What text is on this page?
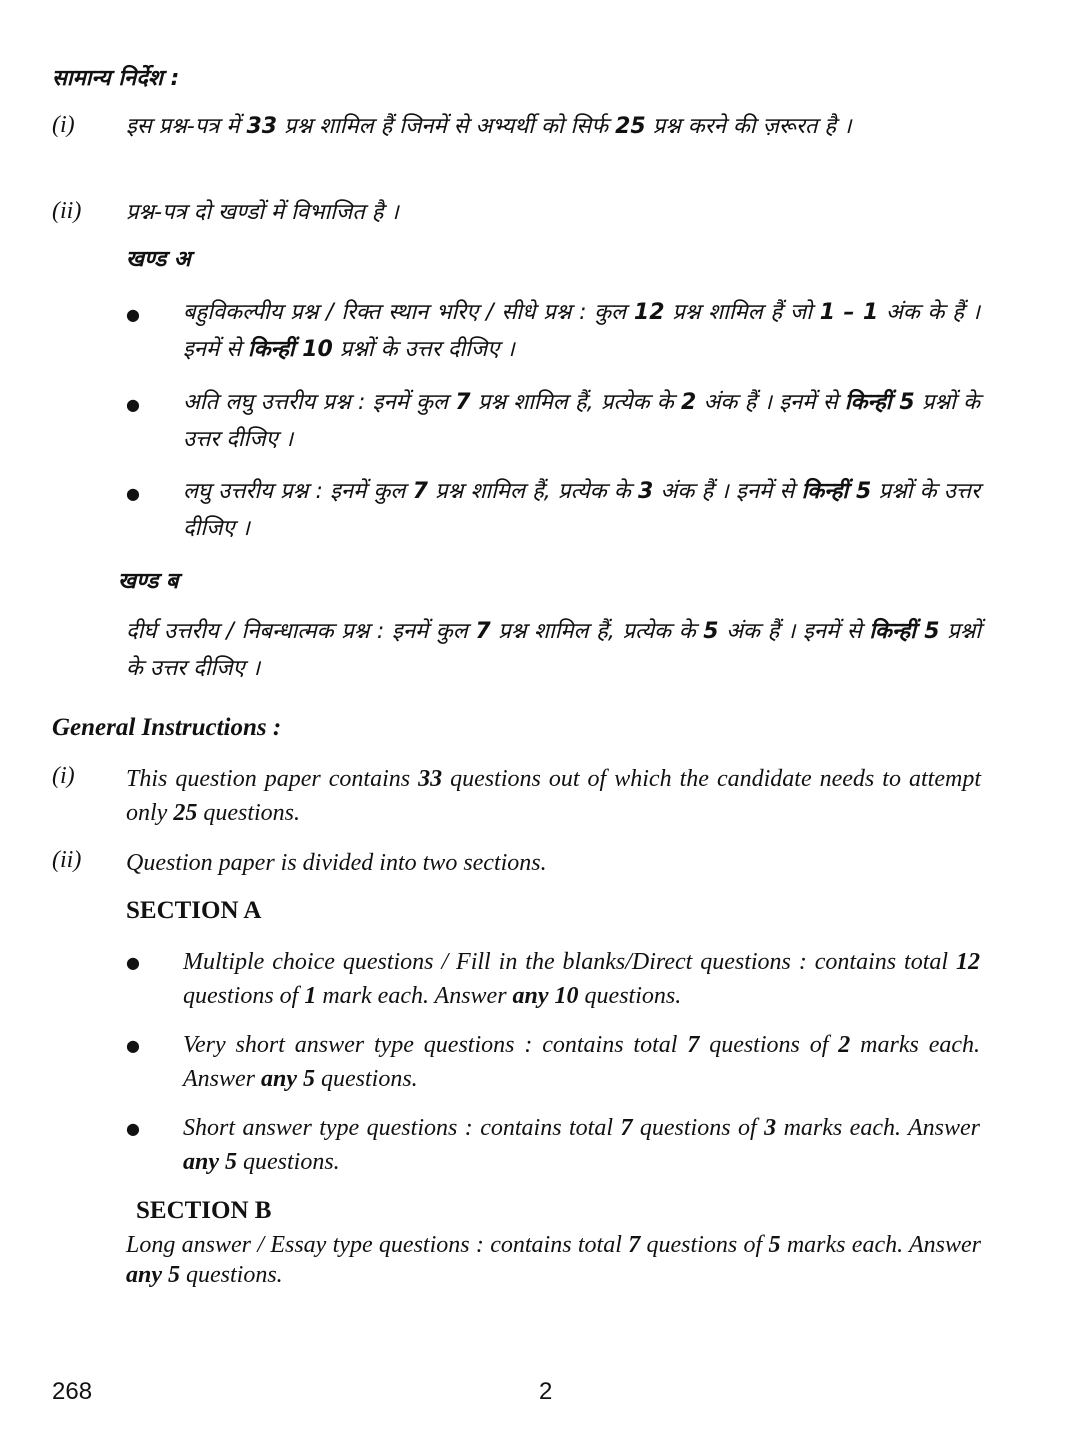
सामान्य निर्देश :
(i) इस प्रश्न-पत्र में 33 प्रश्न शामिल हैं जिनमें से अभ्यर्थी को सिर्फ 25 प्रश्न करने की ज़रूरत है ।
(ii) प्रश्न-पत्र दो खण्डों में विभाजित है ।
खण्ड अ
● बहुविकल्पीय प्रश्न / रिक्त स्थान भरिए / सीधे प्रश्न : कुल 12 प्रश्न शामिल हैं जो 1 – 1 अंक के हैं । इनमें से किन्हीं 10 प्रश्नों के उत्तर दीजिए ।
● अति लघु उत्तरीय प्रश्न : इनमें कुल 7 प्रश्न शामिल हैं, प्रत्येक के 2 अंक हैं । इनमें से किन्हीं 5 प्रश्नों के उत्तर दीजिए ।
● लघु उत्तरीय प्रश्न : इनमें कुल 7 प्रश्न शामिल हैं, प्रत्येक के 3 अंक हैं । इनमें से किन्हीं 5 प्रश्नों के उत्तर दीजिए ।
खण्ड ब
दीर्घ उत्तरीय / निबन्धात्मक प्रश्न : इनमें कुल 7 प्रश्न शामिल हैं, प्रत्येक के 5 अंक हैं । इनमें से किन्हीं 5 प्रश्नों के उत्तर दीजिए ।
General Instructions :
(i) This question paper contains 33 questions out of which the candidate needs to attempt only 25 questions.
(ii) Question paper is divided into two sections.
SECTION A
● Multiple choice questions / Fill in the blanks/Direct questions : contains total 12 questions of 1 mark each. Answer any 10 questions.
● Very short answer type questions : contains total 7 questions of 2 marks each. Answer any 5 questions.
● Short answer type questions : contains total 7 questions of 3 marks each. Answer any 5 questions.
SECTION B
Long answer / Essay type questions : contains total 7 questions of 5 marks each. Answer any 5 questions.
268	2
